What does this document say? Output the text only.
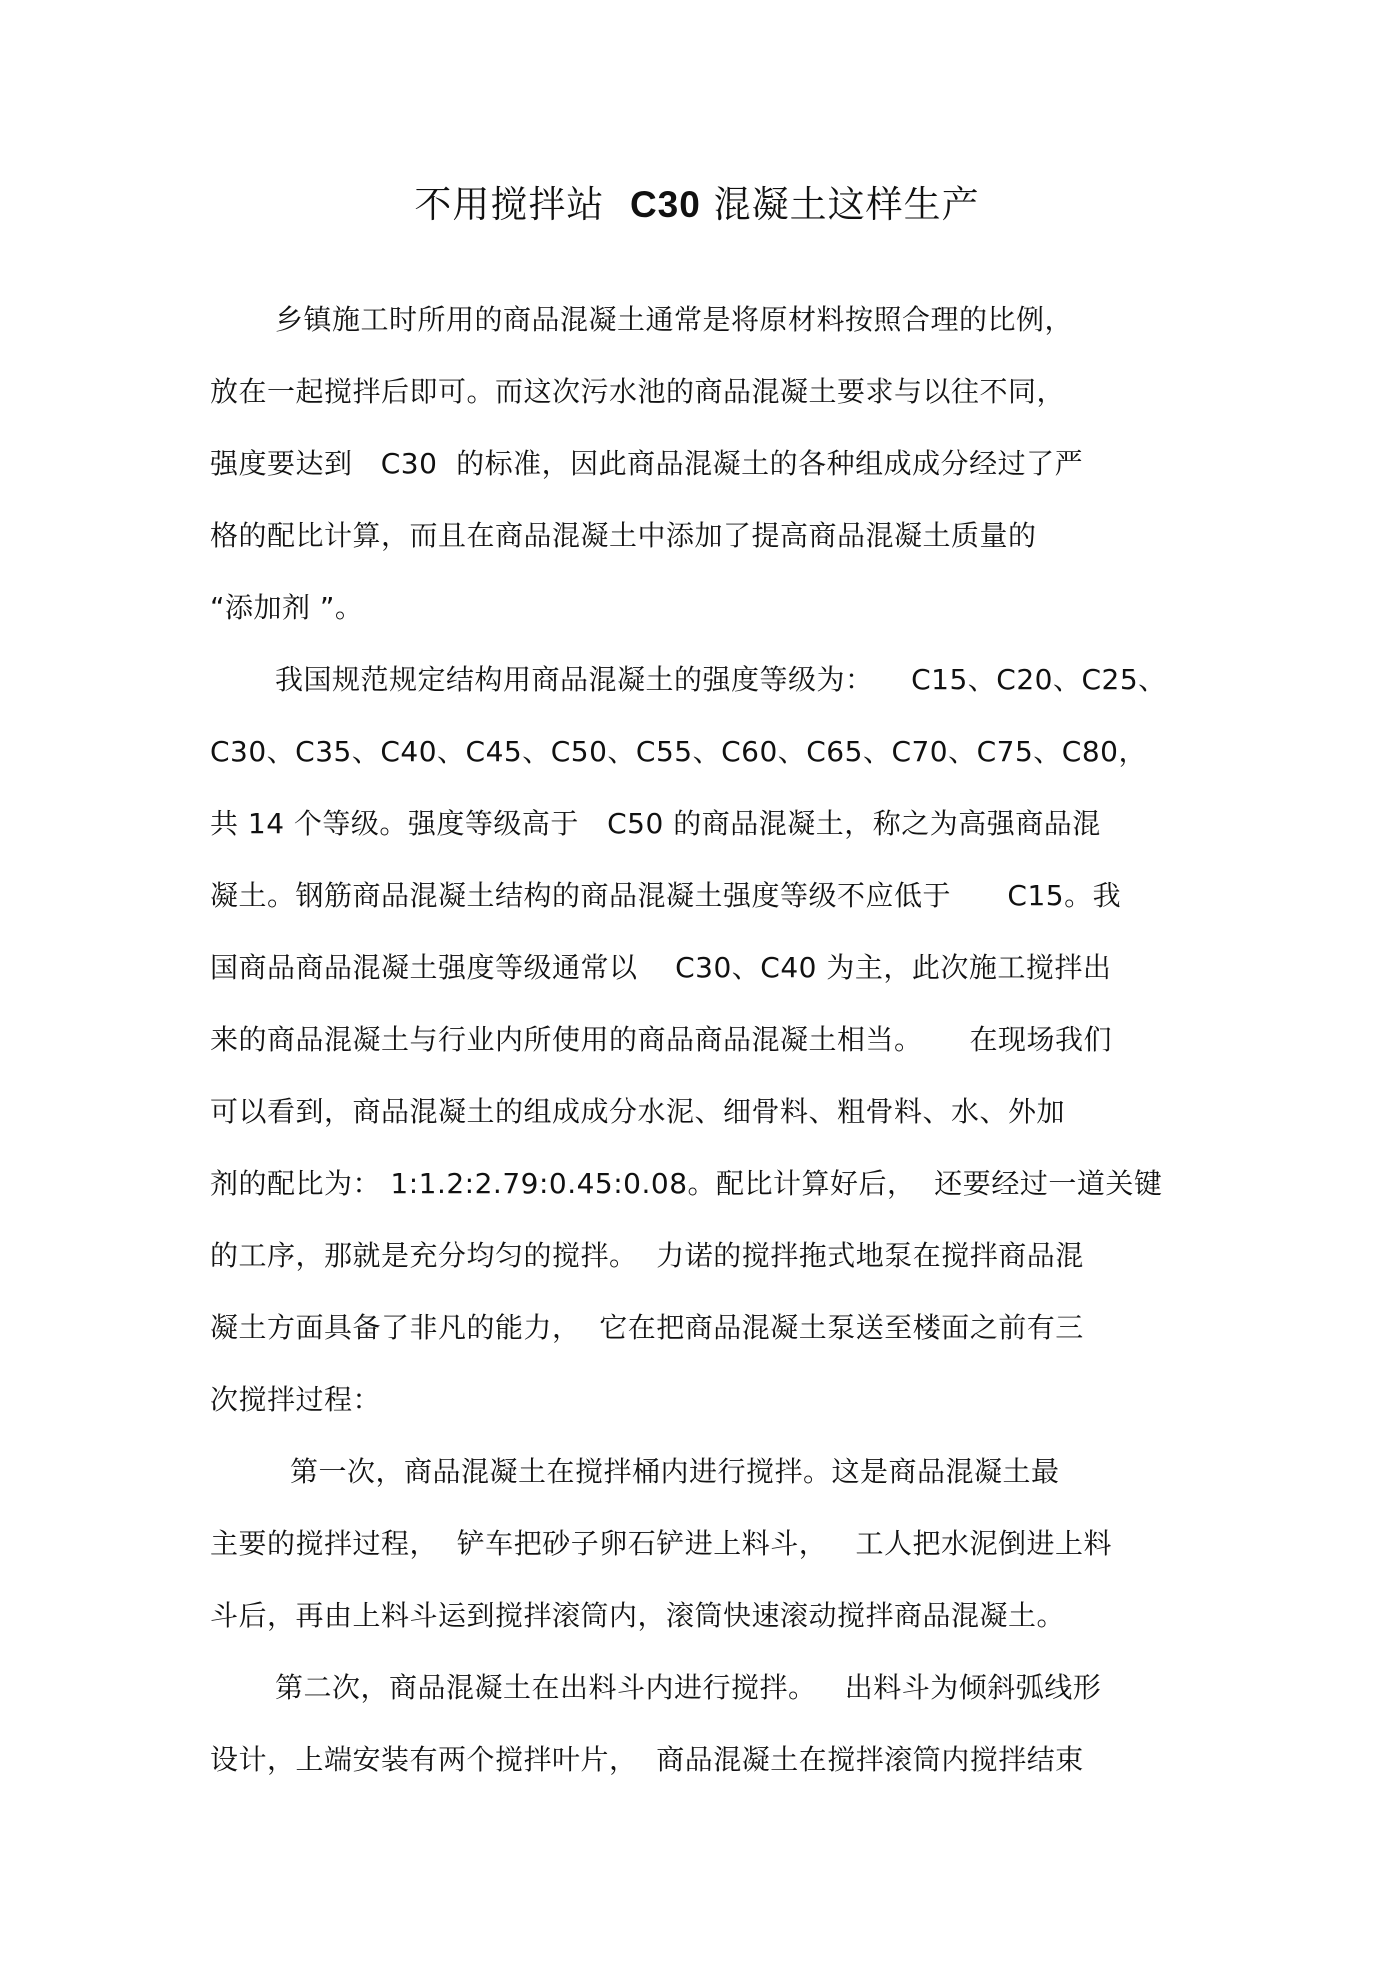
不用搅拌站  C30 混凝土这样生产
乡镇施工时所用的商品混凝土通常是将原材料按照合理的比例，
放在一起搅拌后即可。而这次污水池的商品混凝土要求与以往不同，
强度要达到   C30  的标准，因此商品混凝土的各种组成成分经过了严
格的配比计算，而且在商品混凝土中添加了提高商品混凝土质量的
“添加剂 ”。
我国规范规定结构用商品混凝土的强度等级为：    C15、C20、C25、
C30、C35、C40、C45、C50、C55、C60、C65、C70、C75、C80，
共 14 个等级。强度等级高于   C50 的商品混凝土，称之为高强商品混
凝土。钢筋商品混凝土结构的商品混凝土强度等级不应低于      C15。我
国商品商品混凝土强度等级通常以    C30、C40 为主，此次施工搅拌出
来的商品混凝土与行业内所使用的商品商品混凝土相当。     在现场我们
可以看到，商品混凝土的组成成分水泥、细骨料、粗骨料、水、外加
剂的配比为： 1:1.2:2.79:0.45:0.08。配比计算好后，  还要经过一道关键
的工序，那就是充分均匀的搅拌。  力诺的搅拌拖式地泵在搅拌商品混
凝土方面具备了非凡的能力，  它在把商品混凝土泵送至楼面之前有三
次搅拌过程：
第一次，商品混凝土在搅拌桶内进行搅拌。这是商品混凝土最
主要的搅拌过程，  铲车把砂子卵石铲进上料斗，   工人把水泥倒进上料
斗后，再由上料斗运到搅拌滚筒内，滚筒快速滚动搅拌商品混凝土。
第二次，商品混凝土在出料斗内进行搅拌。   出料斗为倾斜弧线形
设计，上端安装有两个搅拌叶片，  商品混凝土在搅拌滚筒内搅拌结束
